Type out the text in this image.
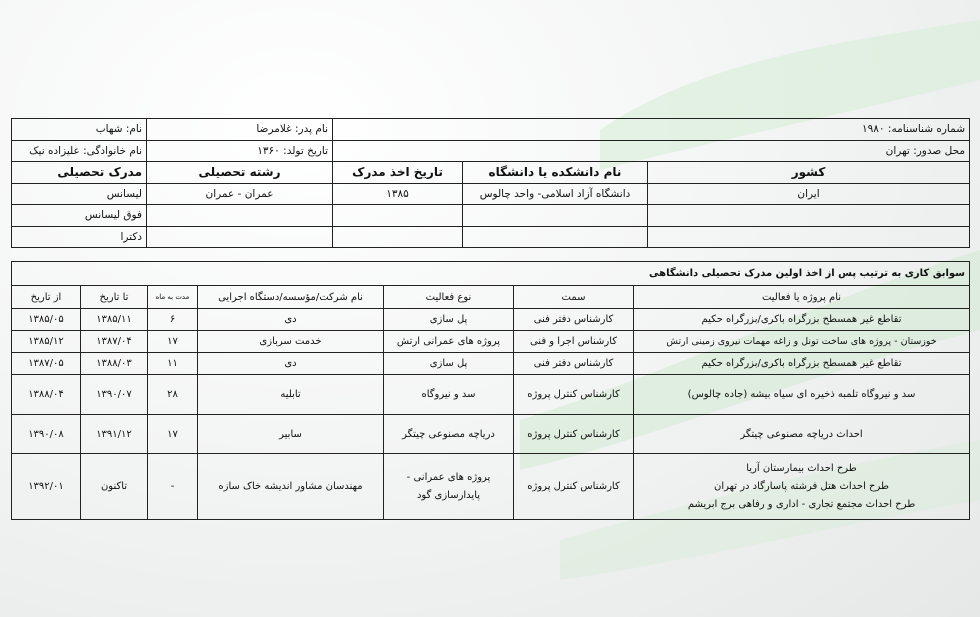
نام: شهاب	نام پدر: غلامرضا	شماره شناسنامه: ۱۹۸۰		
نام خانوادگی: علیزاده نیک	تاریخ تولد: ۱۳۶۰	محل صدور: تهران		
مدرک تحصیلی	رشته تحصیلی	تاریخ اخذ مدرک	نام دانشکده یا دانشگاه	کشور
لیسانس	عمران - عمران	۱۳۸۵	دانشگاه آزاد اسلامی- واحد چالوس	ایران
فوق لیسانس				
دکترا				
سوابق کاری به ترتیب پس از اخذ اولین مدرک تحصیلی دانشگاهی						
از تاریخ	تا تاریخ	مدت به ماه	نام شرکت/مؤسسه/دستگاه اجرایی	نوع فعالیت	سمت	نام پروژه یا فعالیت
۱۳۸۵/۰۵	۱۳۸۵/۱۱	۶	دی	پل سازی	کارشناس دفتر فنی	تقاطع غیر همسطح بزرگراه باکری/بزرگراه حکیم
۱۳۸۵/۱۲	۱۳۸۷/۰۴	۱۷	خدمت سربازی	پروژه های عمرانی ارتش	کارشناس اجرا و فنی	خوزستان - پروژه های ساخت تونل و زاغه مهمات نیروی زمینی ارتش
۱۳۸۷/۰۵	۱۳۸۸/۰۳	۱۱	دی	پل سازی	کارشناس دفتر فنی	تقاطع غیر همسطح بزرگراه باکری/بزرگراه حکیم
۱۳۸۸/۰۴	۱۳۹۰/۰۷	۲۸	تابلیه	سد و نیروگاه	کارشناس کنترل پروژه	سد و نیروگاه تلمبه ذخیره ای سیاه بیشه (جاده چالوس)
۱۳۹۰/۰۸	۱۳۹۱/۱۲	۱۷	سابیر	دریاچه مصنوعی چیتگر	کارشناس کنترل پروژه	احداث دریاچه مصنوعی چیتگر
۱۳۹۲/۰۱	تاکنون	-	مهندسان مشاور اندیشه خاک سازه	پروژه های عمرانی - پایدارسازی گود	کارشناس کنترل پروژه	طرح احداث بیمارستان آریا
طرح احداث هتل فرشته پاسارگاد در تهران
طرح احداث مجتمع تجاری - اداری و رفاهی برج ابریشم
